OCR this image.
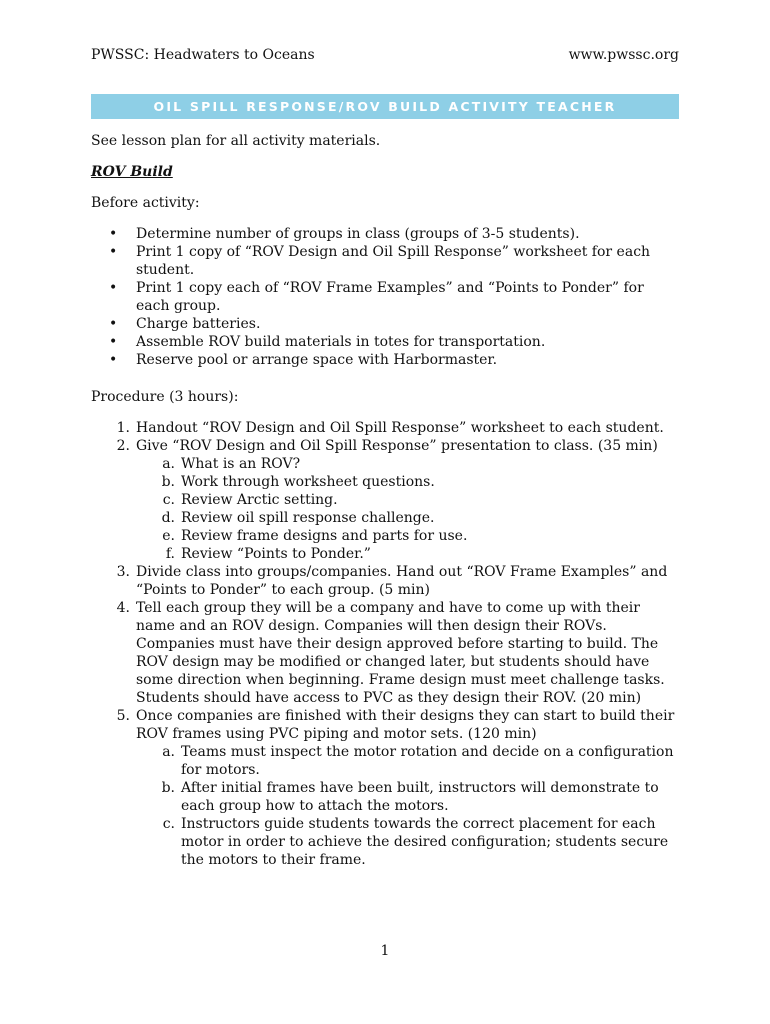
PWSSC: Headwaters to Oceans	www.pwssc.org
OIL SPILL RESPONSE/ROV BUILD ACTIVITY TEACHER

See lesson plan for all activity materials.

ROV Build

Before activity:

• Determine number of groups in class (groups of 3-5 students).
• Print 1 copy of “ROV Design and Oil Spill Response” worksheet for each student.
• Print 1 copy each of “ROV Frame Examples” and “Points to Ponder” for each group.
• Charge batteries.
• Assemble ROV build materials in totes for transportation.
• Reserve pool or arrange space with Harbormaster.

Procedure (3 hours):

1. Handout “ROV Design and Oil Spill Response” worksheet to each student.
2. Give “ROV Design and Oil Spill Response” presentation to class. (35 min)
a. What is an ROV?
b. Work through worksheet questions.
c. Review Arctic setting.
d. Review oil spill response challenge.
e. Review frame designs and parts for use.
f. Review “Points to Ponder.”
3. Divide class into groups/companies. Hand out “ROV Frame Examples” and “Points to Ponder” to each group. (5 min)
4. Tell each group they will be a company and have to come up with their name and an ROV design. Companies will then design their ROVs. Companies must have their design approved before starting to build. The ROV design may be modified or changed later, but students should have some direction when beginning. Frame design must meet challenge tasks. Students should have access to PVC as they design their ROV. (20 min)
5. Once companies are finished with their designs they can start to build their ROV frames using PVC piping and motor sets. (120 min)
a. Teams must inspect the motor rotation and decide on a configuration for motors.
b. After initial frames have been built, instructors will demonstrate to each group how to attach the motors.
c. Instructors guide students towards the correct placement for each motor in order to achieve the desired configuration; students secure the motors to their frame.
1
